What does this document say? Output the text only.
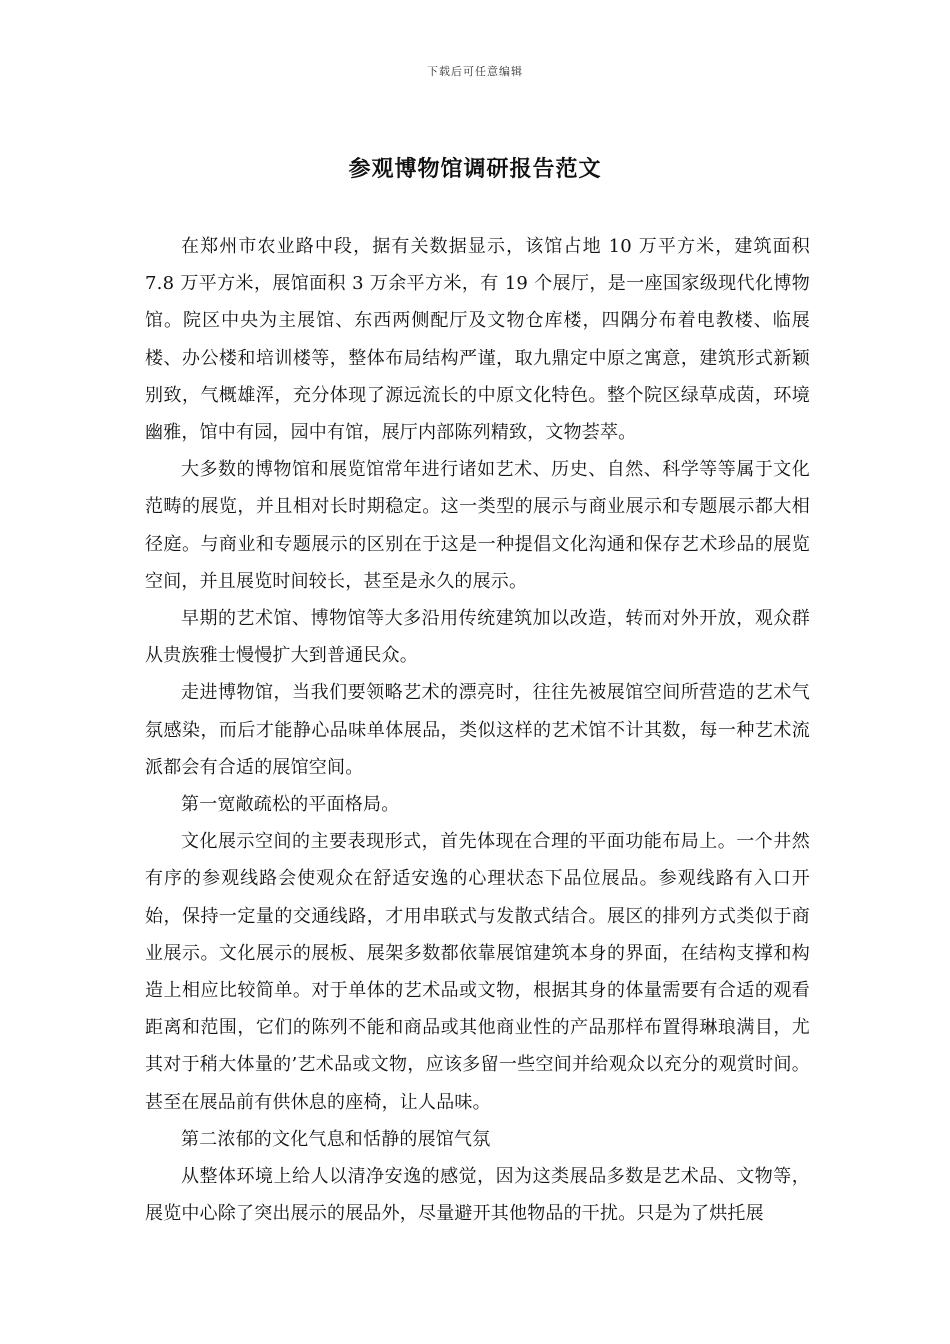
下载后可任意编辑
参观博物馆调研报告范文

在郑州市农业路中段，据有关数据显示，该馆占地 10 万平方米，建筑面积 7.8 万平方米，展馆面积 3 万余平方米，有 19 个展厅，是一座国家级现代化博物馆。院区中央为主展馆、东西两侧配厅及文物仓库楼，四隅分布着电教楼、临展楼、办公楼和培训楼等，整体布局结构严谨，取九鼎定中原之寓意，建筑形式新颖别致，气概雄浑，充分体现了源远流长的中原文化特色。整个院区绿草成茵，环境幽雅，馆中有园，园中有馆，展厅内部陈列精致，文物荟萃。

大多数的博物馆和展览馆常年进行诸如艺术、历史、自然、科学等等属于文化范畴的展览，并且相对长时期稳定。这一类型的展示与商业展示和专题展示都大相径庭。与商业和专题展示的区别在于这是一种提倡文化沟通和保存艺术珍品的展览空间，并且展览时间较长，甚至是永久的展示。

早期的艺术馆、博物馆等大多沿用传统建筑加以改造，转而对外开放，观众群从贵族雅士慢慢扩大到普通民众。

走进博物馆，当我们要领略艺术的漂亮时，往往先被展馆空间所营造的艺术气氛感染，而后才能静心品味单体展品，类似这样的艺术馆不计其数，每一种艺术流派都会有合适的展馆空间。

第一宽敞疏松的平面格局。

文化展示空间的主要表现形式，首先体现在合理的平面功能布局上。一个井然有序的参观线路会使观众在舒适安逸的心理状态下品位展品。参观线路有入口开始，保持一定量的交通线路，才用串联式与发散式结合。展区的排列方式类似于商业展示。文化展示的展板、展架多数都依靠展馆建筑本身的界面，在结构支撑和构造上相应比较简单。对于单体的艺术品或文物，根据其身的体量需要有合适的观看距离和范围，它们的陈列不能和商品或其他商业性的产品那样布置得琳琅满目，尤其对于稍大体量的’艺术品或文物，应该多留一些空间并给观众以充分的观赏时间。甚至在展品前有供休息的座椅，让人品味。

第二浓郁的文化气息和恬静的展馆气氛

从整体环境上给人以清净安逸的感觉，因为这类展品多数是艺术品、文物等，展览中心除了突出展示的展品外，尽量避开其他物品的干扰。只是为了烘托展
